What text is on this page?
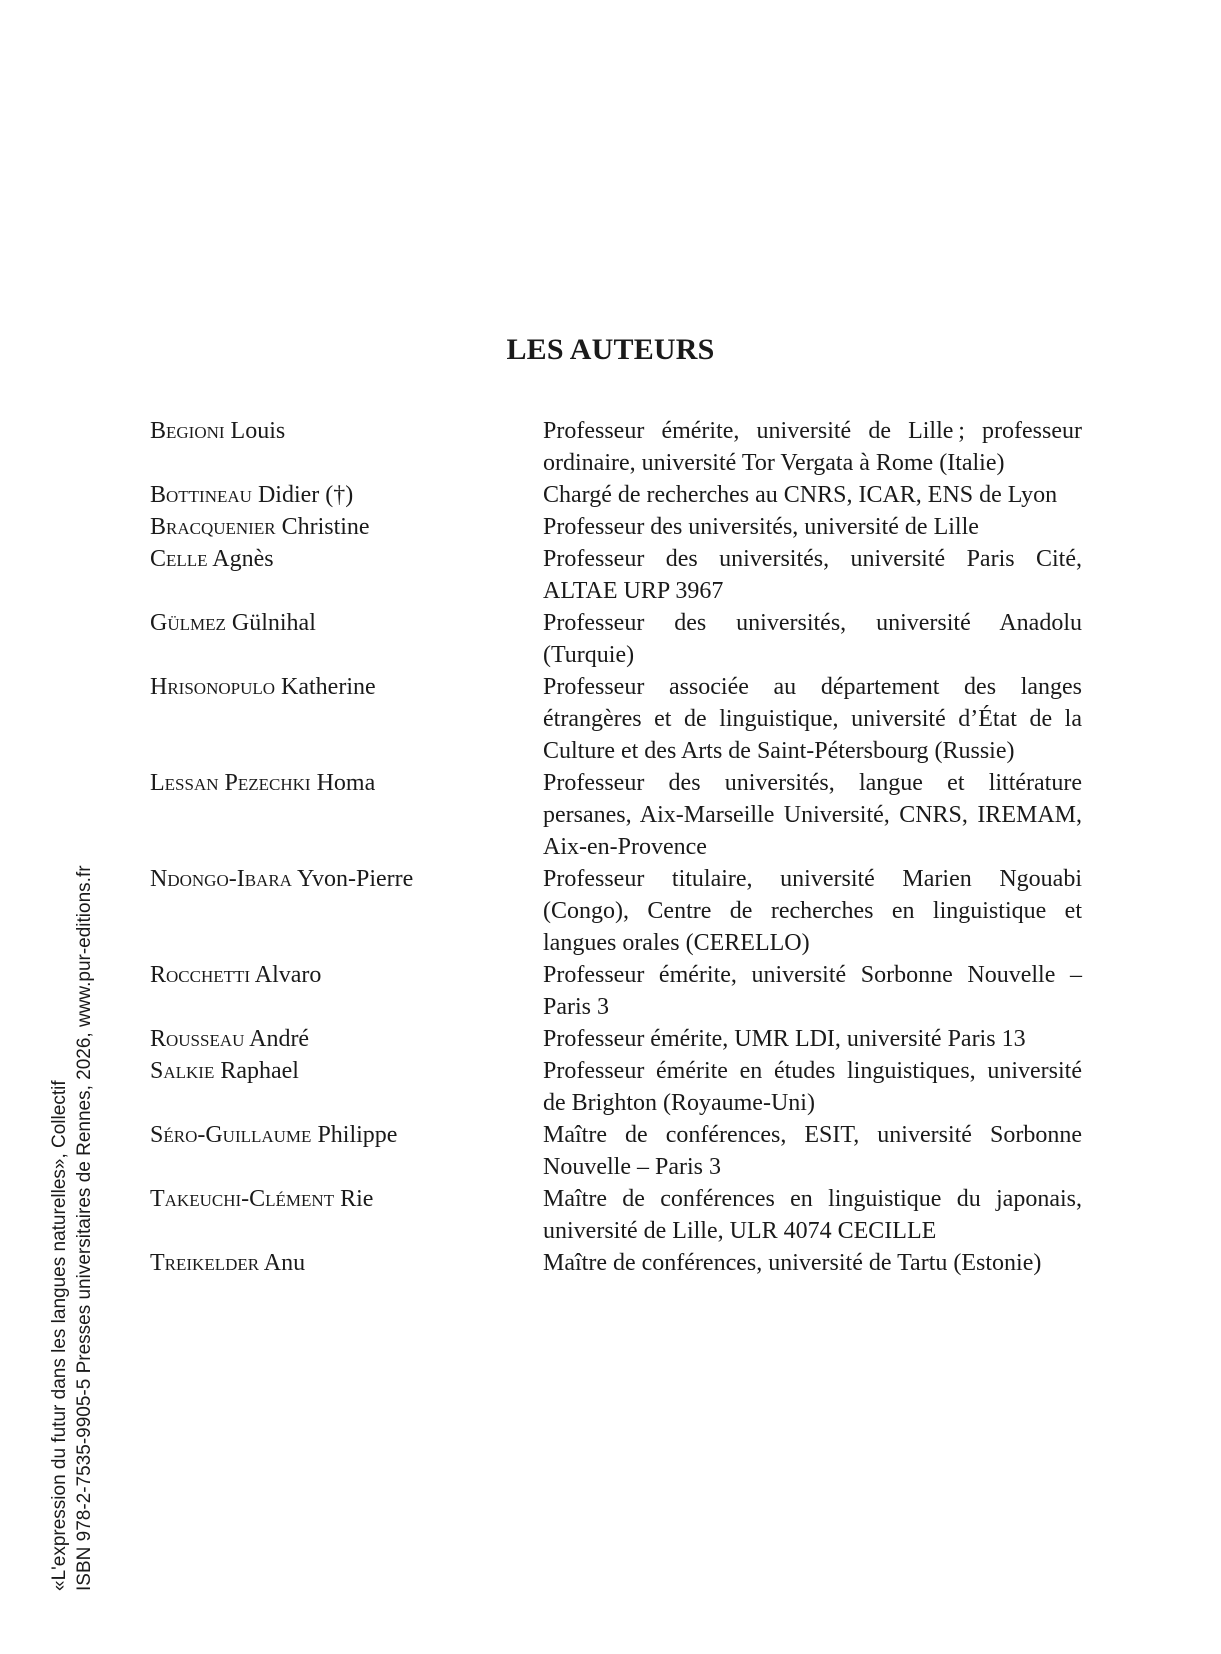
LES AUTEURS
Begioni Louis	Professeur émérite, université de Lille ; professeur ordinaire, université Tor Vergata à Rome (Italie)
Bottineau Didier (†)	Chargé de recherches au CNRS, ICAR, ENS de Lyon
Bracquenier Christine	Professeur des universités, université de Lille
Celle Agnès	Professeur des universités, université Paris Cité, ALTAE URP 3967
Gülmez Gülnihal	Professeur des universités, université Anadolu (Turquie)
Hrisonopulo Katherine	Professeur associée au département des langes étrangères et de linguistique, université d’État de la Culture et des Arts de Saint-Pétersbourg (Russie)
Lessan Pezechki Homa	Professeur des universités, langue et littérature persanes, Aix-Marseille Université, CNRS, IREMAM, Aix-en-Provence
Ndongo-Ibara Yvon-Pierre	Professeur titulaire, université Marien Ngouabi (Congo), Centre de recherches en linguistique et langues orales (CERELLO)
Rocchetti Alvaro	Professeur émérite, université Sorbonne Nouvelle – Paris 3
Rousseau André	Professeur émérite, UMR LDI, université Paris 13
Salkie Raphael	Professeur émérite en études linguistiques, université de Brighton (Royaume-Uni)
Séro-Guillaume Philippe	Maître de conférences, ESIT, université Sorbonne Nouvelle – Paris 3
Takeuchi-Clément Rie	Maître de conférences en linguistique du japonais, université de Lille, ULR 4074 CECILLE
Treikelder Anu	Maître de conférences, université de Tartu (Estonie)
«L'expression du futur dans les langues naturelles», Collectif ISBN 978-2-7535-9905-5 Presses universitaires de Rennes, 2026, www.pur-editions.fr
